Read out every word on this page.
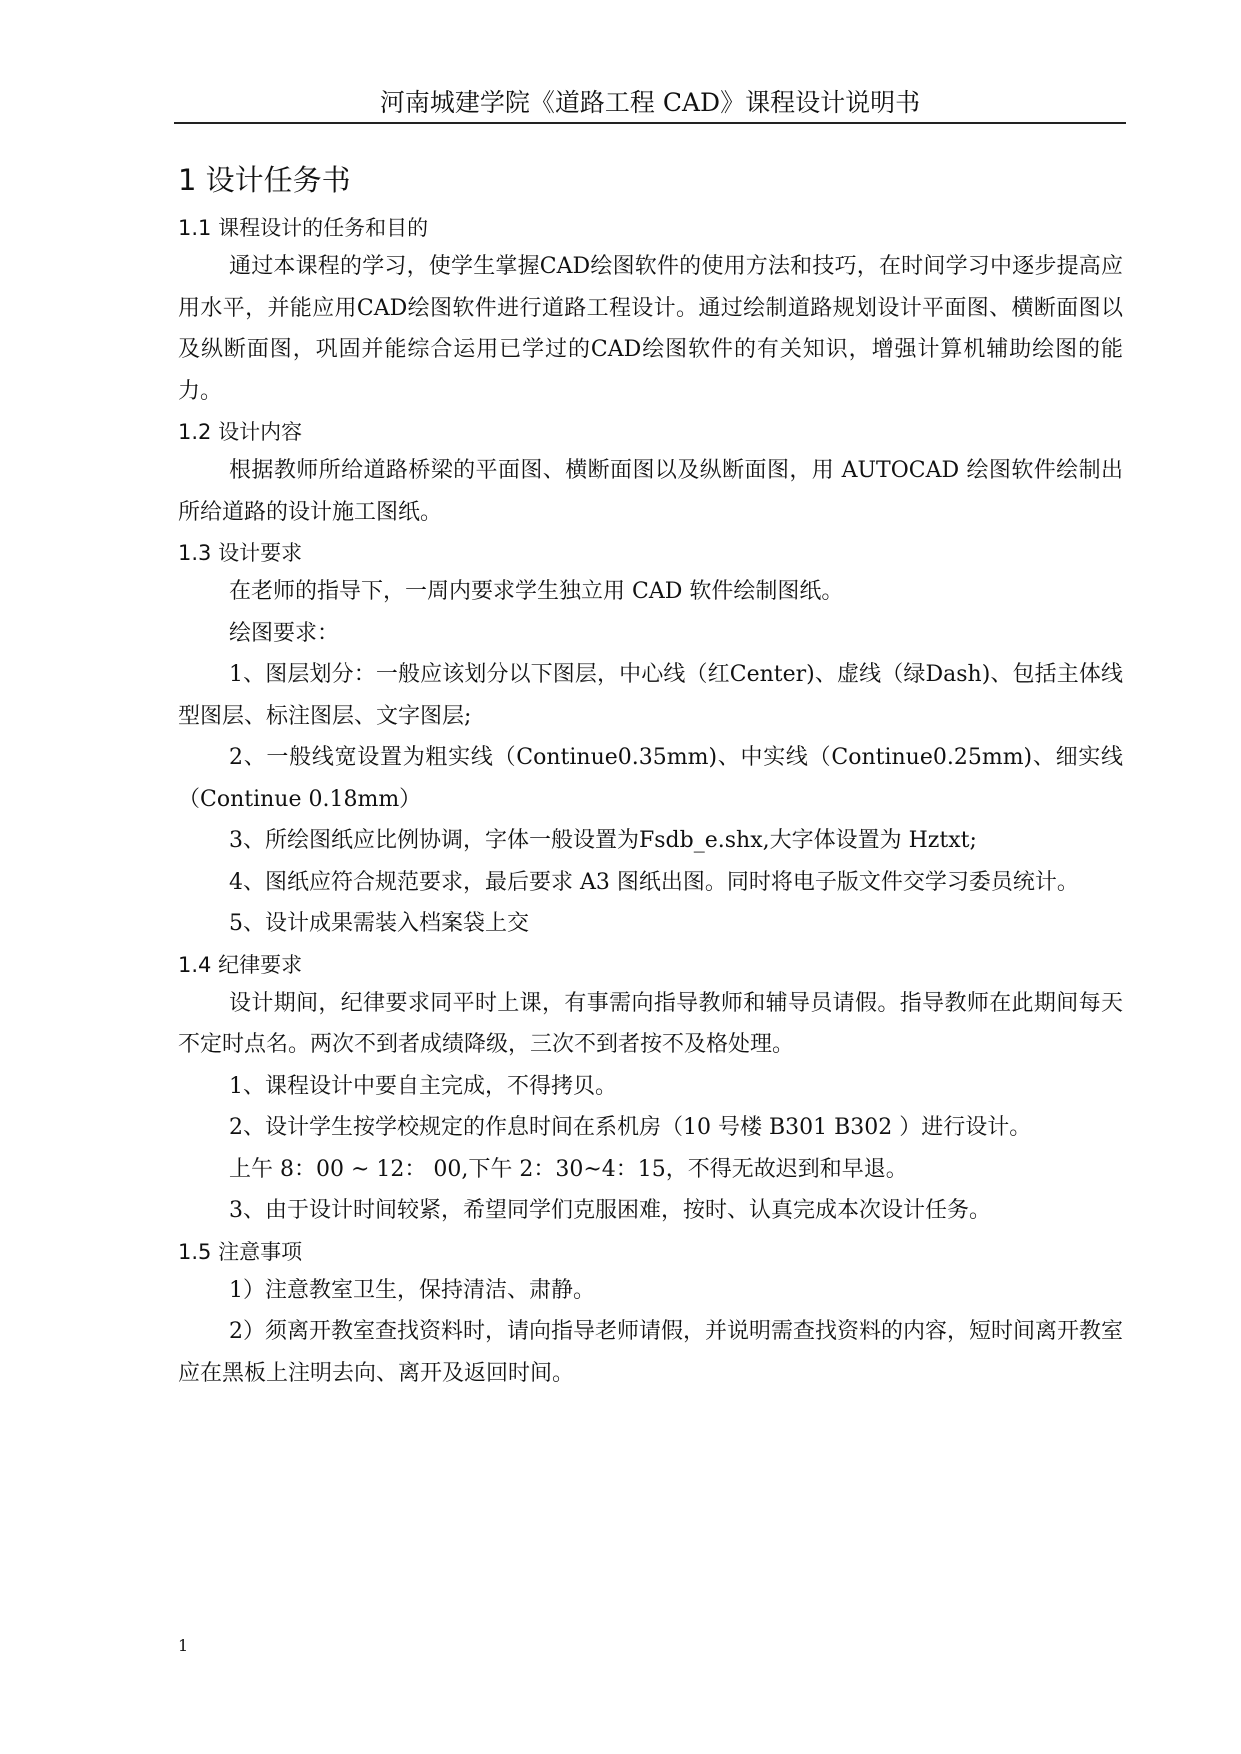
河南城建学院《道路工程 CAD》课程设计说明书
1 设计任务书
1.1 课程设计的任务和目的

通过本课程的学习，使学生掌握CAD绘图软件的使用方法和技巧，在时间学习中逐步提高应用水平，并能应用CAD绘图软件进行道路工程设计。通过绘制道路规划设计平面图、横断面图以及纵断面图，巩固并能综合运用已学过的CAD绘图软件的有关知识，增强计算机辅助绘图的能力。

1.2 设计内容

根据教师所给道路桥梁的平面图、横断面图以及纵断面图，用 AUTOCAD 绘图软件绘制出所给道路的设计施工图纸。

1.3 设计要求

在老师的指导下，一周内要求学生独立用 CAD 软件绘制图纸。

绘图要求：

1、图层划分：一般应该划分以下图层，中心线（红Center)、虚线（绿Dash)、包括主体线型图层、标注图层、文字图层;

2、一般线宽设置为粗实线（Continue0.35mm)、中实线（Continue0.25mm)、细实线（Continue 0.18mm）

3、所绘图纸应比例协调，字体一般设置为Fsdb_e.shx,大字体设置为 Hztxt;

4、图纸应符合规范要求，最后要求 A3 图纸出图。同时将电子版文件交学习委员统计。

5、设计成果需装入档案袋上交

1.4 纪律要求

设计期间，纪律要求同平时上课，有事需向指导教师和辅导员请假。指导教师在此期间每天不定时点名。两次不到者成绩降级，三次不到者按不及格处理。

1、课程设计中要自主完成，不得拷贝。

2、设计学生按学校规定的作息时间在系机房（10 号楼 B301 B302 ）进行设计。

上午 8：00 ~ 12： 00,下午 2：30~4：15，不得无故迟到和早退。

3、由于设计时间较紧，希望同学们克服困难，按时、认真完成本次设计任务。

1.5 注意事项

1）注意教室卫生，保持清洁、肃静。

2）须离开教室查找资料时，请向指导老师请假，并说明需查找资料的内容，短时间离开教室应在黑板上注明去向、离开及返回时间。

1
